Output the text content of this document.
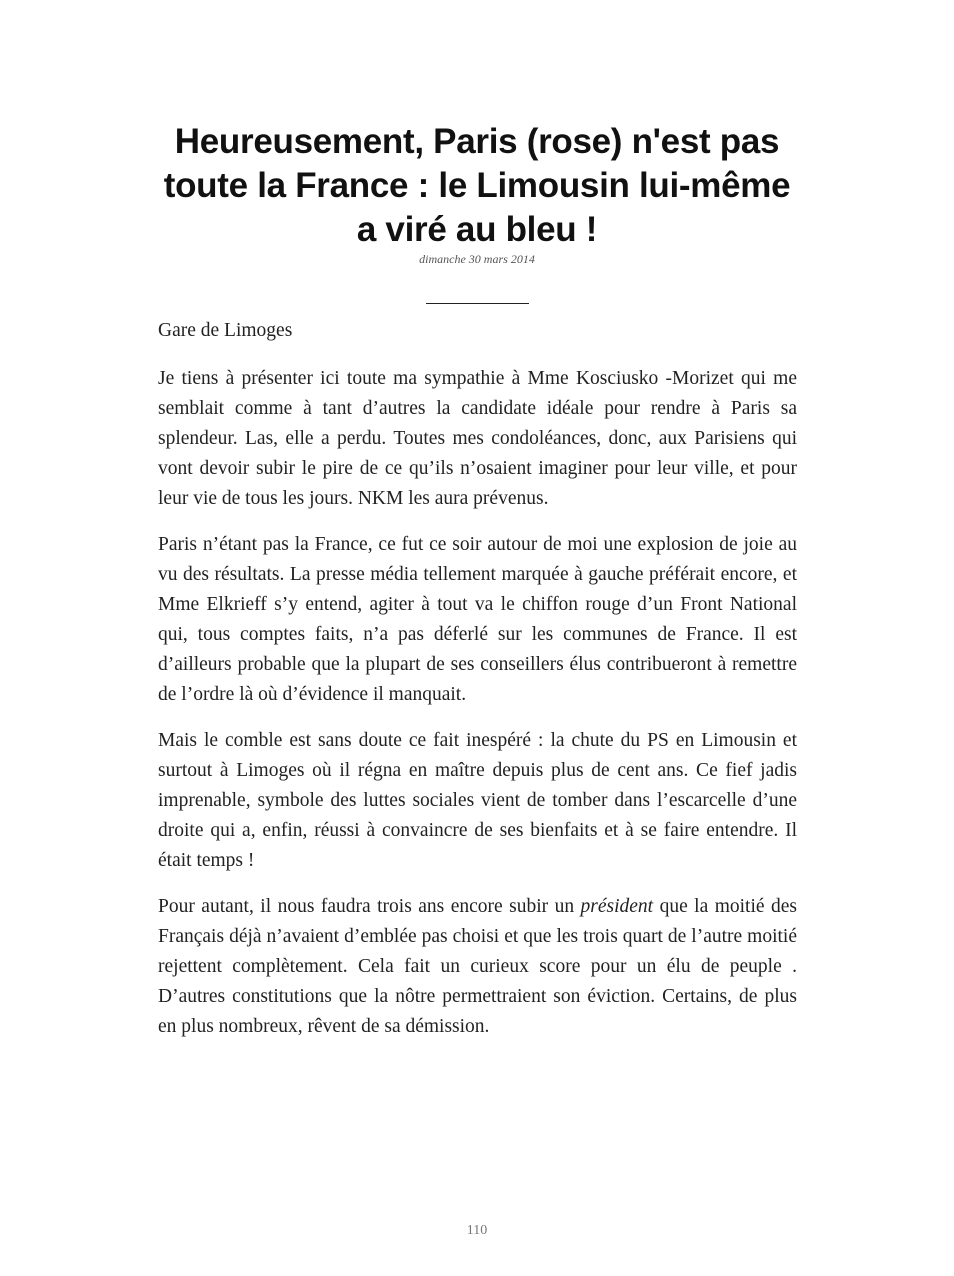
Heureusement, Paris (rose) n'est pas toute la France : le Limousin lui-même a viré au bleu !
dimanche 30 mars 2014

Gare de Limoges

Je tiens à présenter ici toute ma sympathie à Mme Kosciusko -Morizet qui me semblait comme à tant d’autres la candidate idéale pour rendre à Paris sa splendeur. Las, elle a perdu. Toutes mes condoléances, donc, aux Parisiens qui vont devoir subir le pire de ce qu’ils n’osaient imaginer pour leur ville, et pour leur vie de tous les jours. NKM les aura prévenus.

Paris n’étant pas la France, ce fut ce soir autour de moi une explosion de joie au vu des résultats. La presse média tellement marquée à gauche préférait encore, et Mme Elkrieff s’y entend, agiter à tout va le chiffon rouge d’un Front National qui, tous comptes faits, n’a pas déferlé sur les communes de France. Il est d’ailleurs probable que la plupart de ses conseillers élus contribueront à remettre de l’ordre là où d’évidence il manquait.

Mais le comble est sans doute ce fait inespéré : la chute du PS en Limousin et surtout à Limoges où il régna en maître depuis plus de cent ans. Ce fief jadis imprenable, symbole des luttes sociales vient de tomber dans l’escarcelle d’une droite qui a, enfin, réussi à convaincre de ses bienfaits et à se faire entendre. Il était temps !

Pour autant, il nous faudra trois ans encore subir un président que la moitié des Français déjà n’avaient d’emblée pas choisi et que les trois quart de l’autre moitié rejettent complètement. Cela fait un curieux score pour un élu de peuple . D’autres constitutions que la nôtre permettraient son éviction. Certains, de plus en plus nombreux, rêvent de sa démission.

110
